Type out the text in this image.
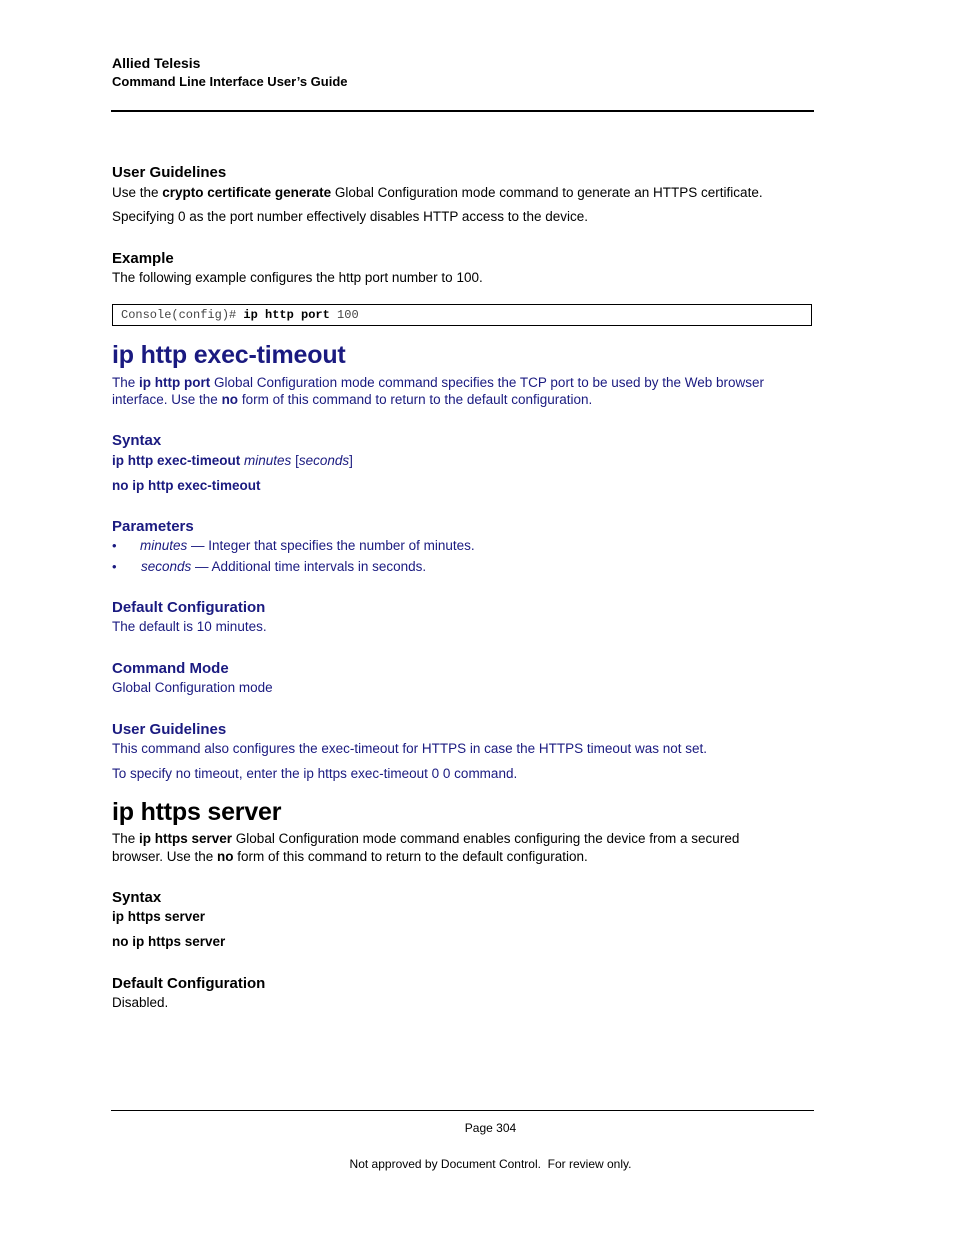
Allied Telesis
Command Line Interface User’s Guide
User Guidelines
Use the crypto certificate generate Global Configuration mode command to generate an HTTPS certificate.
Specifying 0 as the port number effectively disables HTTP access to the device.
Example
The following example configures the http port number to 100.
Console(config)# ip http port 100
ip http exec-timeout
The ip http port Global Configuration mode command specifies the TCP port to be used by the Web browser
interface. Use the no form of this command to return to the default configuration.
Syntax
ip http exec-timeout minutes [seconds]
no ip http exec-timeout
Parameters
• minutes — Integer that specifies the number of minutes.
• seconds — Additional time intervals in seconds.
Default Configuration
The default is 10 minutes.
Command Mode
Global Configuration mode
User Guidelines
This command also configures the exec-timeout for HTTPS in case the HTTPS timeout was not set.
To specify no timeout, enter the ip https exec-timeout 0 0 command.
ip https server
The ip https server Global Configuration mode command enables configuring the device from a secured
browser. Use the no form of this command to return to the default configuration.
Syntax
ip https server
no ip https server
Default Configuration
Disabled.
Page 304
Not approved by Document Control.  For review only.
